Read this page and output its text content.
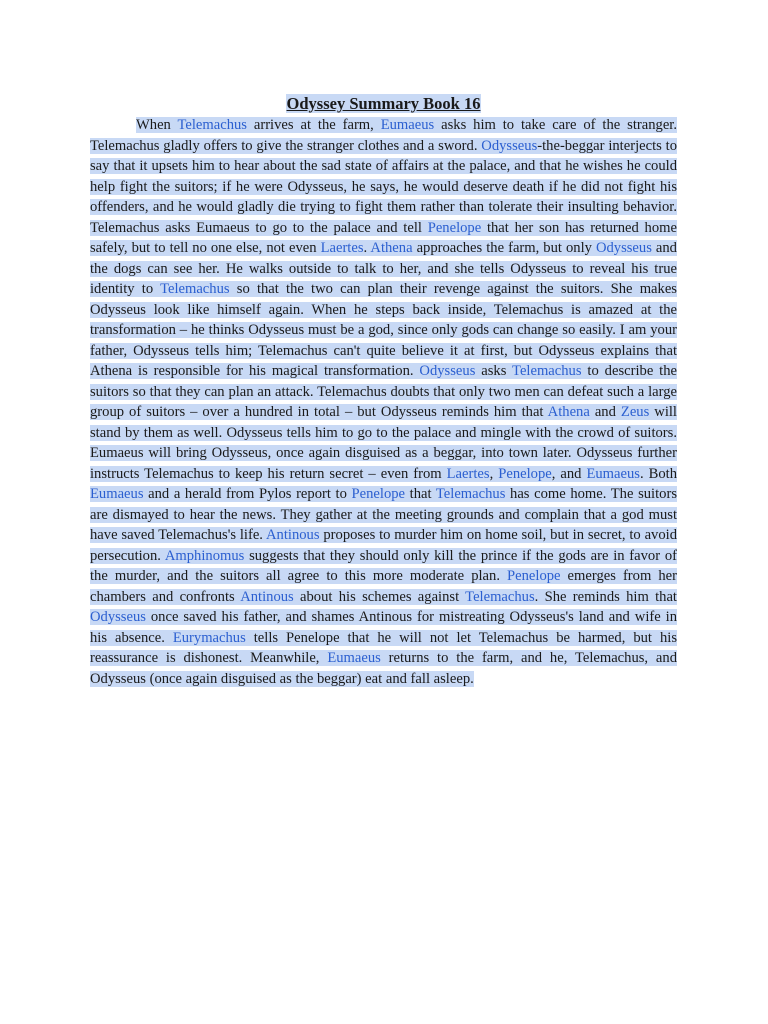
Odyssey Summary Book 16

When Telemachus arrives at the farm, Eumaeus asks him to take care of the stranger. Telemachus gladly offers to give the stranger clothes and a sword. Odysseus-the-beggar interjects to say that it upsets him to hear about the sad state of affairs at the palace, and that he wishes he could help fight the suitors; if he were Odysseus, he says, he would deserve death if he did not fight his offenders, and he would gladly die trying to fight them rather than tolerate their insulting behavior. Telemachus asks Eumaeus to go to the palace and tell Penelope that her son has returned home safely, but to tell no one else, not even Laertes. Athena approaches the farm, but only Odysseus and the dogs can see her. He walks outside to talk to her, and she tells Odysseus to reveal his true identity to Telemachus so that the two can plan their revenge against the suitors. She makes Odysseus look like himself again. When he steps back inside, Telemachus is amazed at the transformation – he thinks Odysseus must be a god, since only gods can change so easily. I am your father, Odysseus tells him; Telemachus can't quite believe it at first, but Odysseus explains that Athena is responsible for his magical transformation. Odysseus asks Telemachus to describe the suitors so that they can plan an attack. Telemachus doubts that only two men can defeat such a large group of suitors – over a hundred in total – but Odysseus reminds him that Athena and Zeus will stand by them as well. Odysseus tells him to go to the palace and mingle with the crowd of suitors. Eumaeus will bring Odysseus, once again disguised as a beggar, into town later. Odysseus further instructs Telemachus to keep his return secret – even from Laertes, Penelope, and Eumaeus. Both Eumaeus and a herald from Pylos report to Penelope that Telemachus has come home. The suitors are dismayed to hear the news. They gather at the meeting grounds and complain that a god must have saved Telemachus's life. Antinous proposes to murder him on home soil, but in secret, to avoid persecution. Amphinomus suggests that they should only kill the prince if the gods are in favor of the murder, and the suitors all agree to this more moderate plan. Penelope emerges from her chambers and confronts Antinous about his schemes against Telemachus. She reminds him that Odysseus once saved his father, and shames Antinous for mistreating Odysseus's land and wife in his absence. Eurymachus tells Penelope that he will not let Telemachus be harmed, but his reassurance is dishonest. Meanwhile, Eumaeus returns to the farm, and he, Telemachus, and Odysseus (once again disguised as the beggar) eat and fall asleep.
